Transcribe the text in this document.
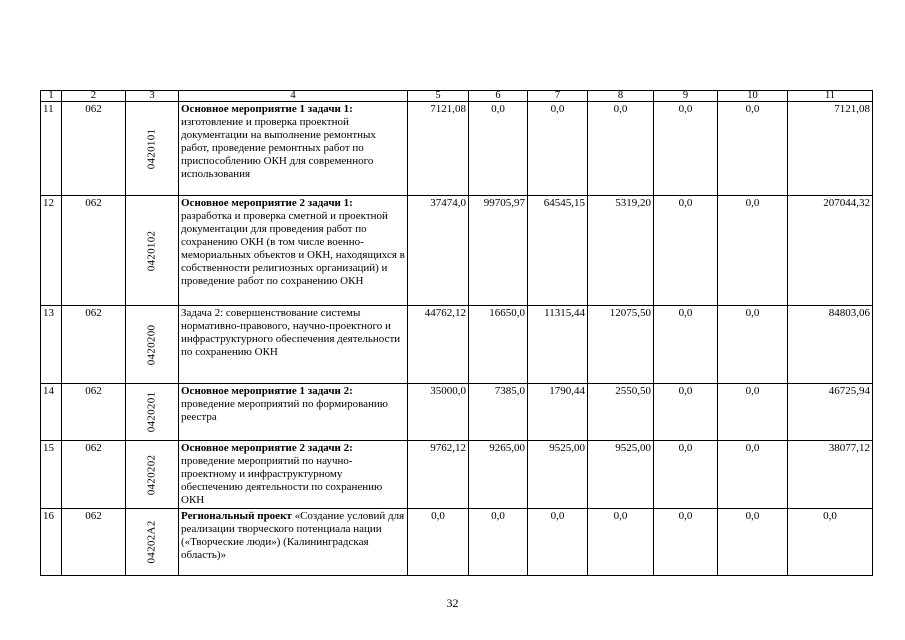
1	2	3	4	5	6	7	8	9	10	11
11	062	0420101	Основное мероприятие 1 задачи 1: изготовление и проверка проектной документации на выполнение ремонтных работ, проведение ремонтных работ по приспособлению ОКН для современного использования	7121,08	0,0	0,0	0,0	0,0	0,0	7121,08
12	062	0420102	Основное мероприятие 2 задачи 1: разработка и проверка сметной и проектной документации для проведения работ по сохранению ОКН (в том числе военно-мемориальных объектов и ОКН, находящихся в собственности религиозных организаций) и проведение работ по сохранению ОКН	37474,0	99705,97	64545,15	5319,20	0,0	0,0	207044,32
13	062	0420200	Задача 2: совершенствование системы нормативно-правового, научно-проектного и инфраструктурного обеспечения деятельности по сохранению ОКН	44762,12	16650,0	11315,44	12075,50	0,0	0,0	84803,06
14	062	0420201	Основное мероприятие 1 задачи 2: проведение мероприятий по формированию реестра	35000,0	7385,0	1790,44	2550,50	0,0	0,0	46725,94
15	062	0420202	Основное мероприятие 2 задачи 2: проведение мероприятий по научно-проектному и инфраструктурному обеспечению деятельности по сохранению ОКН	9762,12	9265,00	9525,00	9525,00	0,0	0,0	38077,12
16	062	04202А2	Региональный проект «Создание условий для реализации творческого потенциала нации («Творческие люди») (Калининградская область)»	0,0	0,0	0,0	0,0	0,0	0,0	0,0
32
